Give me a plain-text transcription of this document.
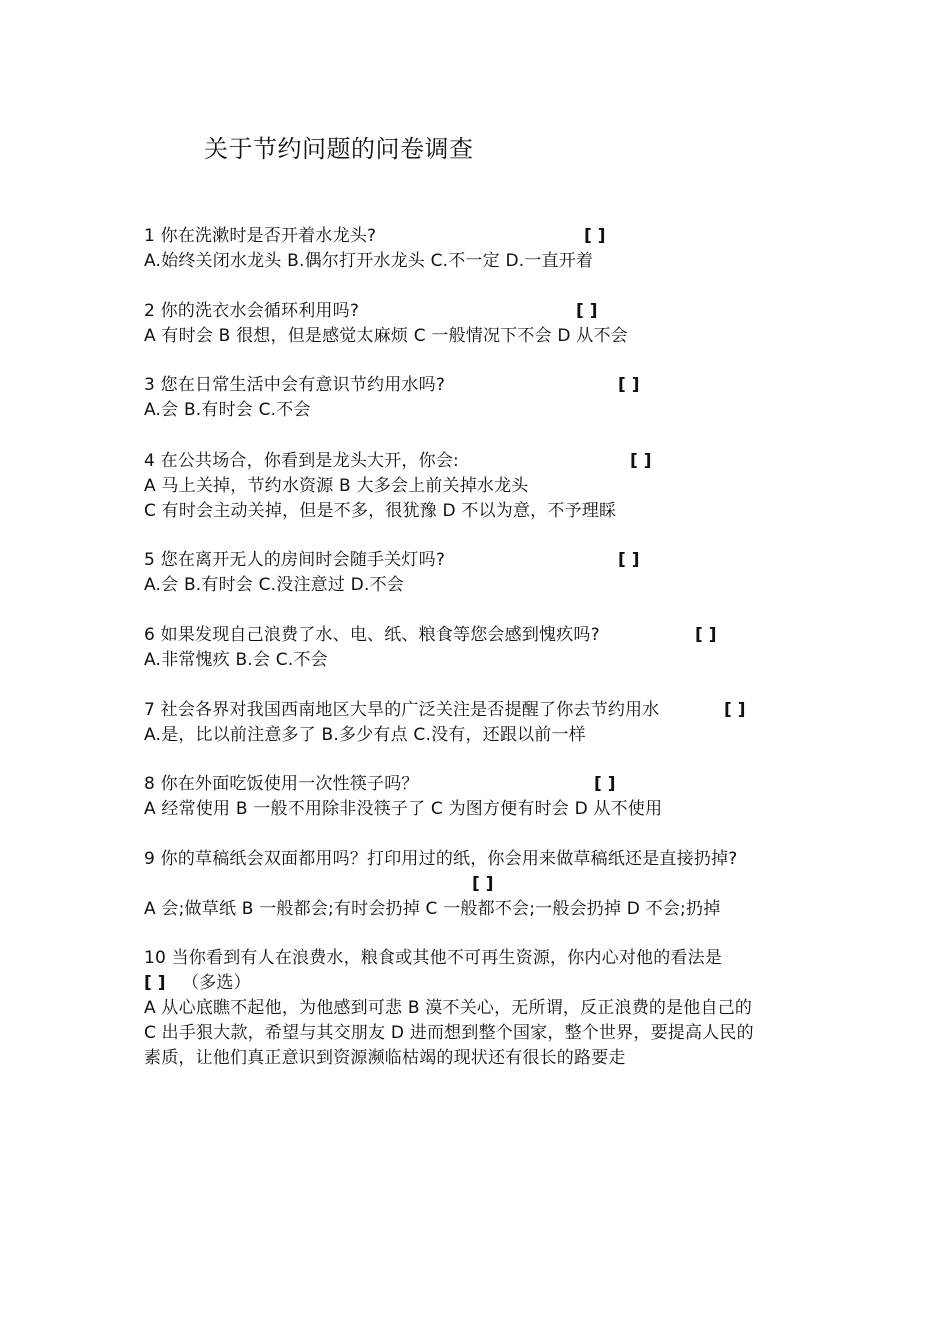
关于节约问题的问卷调查
1 你在洗漱时是否开着水龙头?	[ ]
A.始终关闭水龙头 B.偶尔打开水龙头 C.不一定 D.一直开着
2 你的洗衣水会循环利用吗?	[ ]
A 有时会 B 很想，但是感觉太麻烦 C 一般情况下不会 D 从不会
3 您在日常生活中会有意识节约用水吗?	[ ]
A.会 B.有时会 C.不会
4 在公共场合，你看到是龙头大开，你会:	[ ]
A 马上关掉，节约水资源 B 大多会上前关掉水龙头
C 有时会主动关掉，但是不多，很犹豫 D 不以为意，不予理睬
5 您在离开无人的房间时会随手关灯吗?	[ ]
A.会 B.有时会 C.没注意过 D.不会
6 如果发现自己浪费了水、电、纸、粮食等您会感到愧疚吗?	[ ]
A.非常愧疚 B.会 C.不会
7 社会各界对我国西南地区大旱的广泛关注是否提醒了你去节约用水	[ ]
A.是，比以前注意多了 B.多少有点 C.没有，还跟以前一样
8 你在外面吃饭使用一次性筷子吗？	[ ]
A 经常使用 B 一般不用除非没筷子了 C 为图方便有时会 D 从不使用
9 你的草稿纸会双面都用吗？打印用过的纸，你会用来做草稿纸还是直接扔掉?
[ ]
A 会;做草纸 B 一般都会;有时会扔掉 C 一般都不会;一般会扔掉 D 不会;扔掉
10 当你看到有人在浪费水，粮食或其他不可再生资源，你内心对他的看法是
[ ] （多选）
A 从心底瞧不起他，为他感到可悲 B 漠不关心，无所谓，反正浪费的是他自己的
C 出手狠大款，希望与其交朋友 D 进而想到整个国家，整个世界，要提高人民的
素质，让他们真正意识到资源濒临枯竭的现状还有很长的路要走
